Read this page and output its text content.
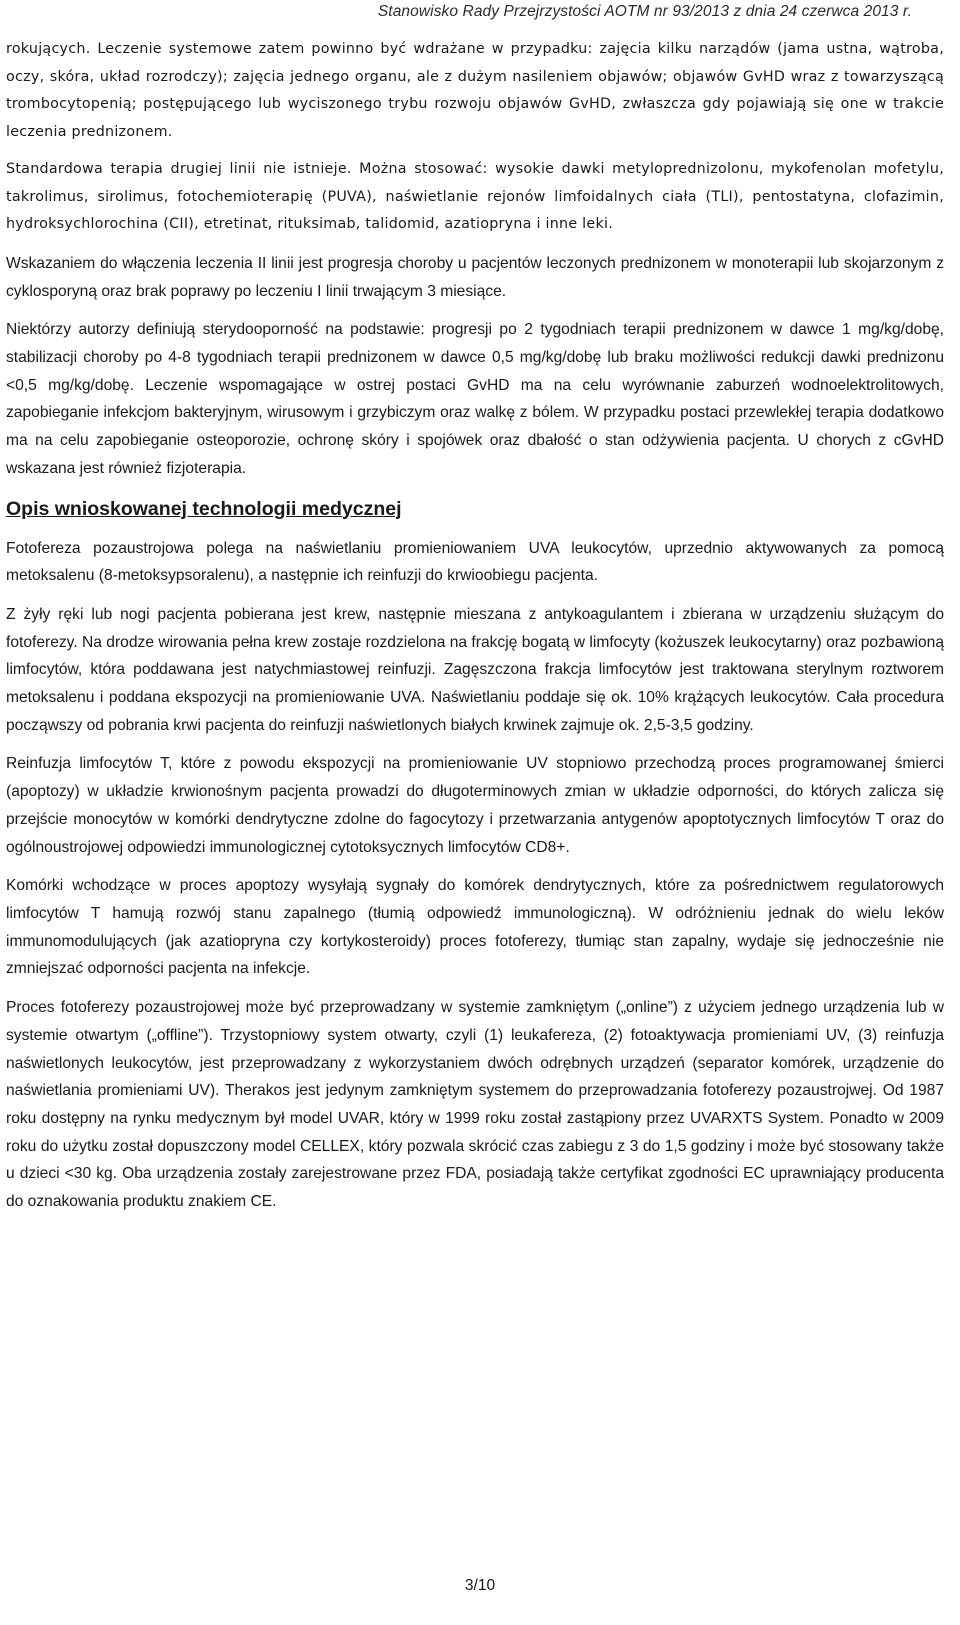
Stanowisko Rady Przejrzystości AOTM nr 93/2013 z dnia 24 czerwca 2013 r.

rokujących. Leczenie systemowe zatem powinno być wdrażane w przypadku: zajęcia kilku narządów (jama ustna, wątroba, oczy, skóra, układ rozrodczy); zajęcia jednego organu, ale z dużym nasileniem objawów; objawów GvHD wraz z towarzyszącą trombocytopenią; postępującego lub wyciszonego trybu rozwoju objawów GvHD, zwłaszcza gdy pojawiają się one w trakcie leczenia prednizonem.

Standardowa terapia drugiej linii nie istnieje. Można stosować: wysokie dawki metyloprednizolonu, mykofenolan mofetylu, takrolimus, sirolimus, fotochemioterapię (PUVA), naświetlanie rejonów limfoidalnych ciała (TLI), pentostatyna, clofazimin, hydroksychlorochina (CII), etretinat, rituksimab, talidomid, azatiopryna i inne leki.

Wskazaniem do włączenia leczenia II linii jest progresja choroby u pacjentów leczonych prednizonem w monoterapii lub skojarzonym z cyklosporyną oraz brak poprawy po leczeniu I linii trwającym 3 miesiące.

Niektórzy autorzy definiują sterydooporność na podstawie: progresji po 2 tygodniach terapii prednizonem w dawce 1 mg/kg/dobę, stabilizacji choroby po 4-8 tygodniach terapii prednizonem w dawce 0,5 mg/kg/dobę lub braku możliwości redukcji dawki prednizonu <0,5 mg/kg/dobę. Leczenie wspomagające w ostrej postaci GvHD ma na celu wyrównanie zaburzeń wodnoelektrolitowych, zapobieganie infekcjom bakteryjnym, wirusowym i grzybiczym oraz walkę z bólem. W przypadku postaci przewlekłej terapia dodatkowo ma na celu zapobieganie osteoporozie, ochronę skóry i spojówek oraz dbałość o stan odżywienia pacjenta. U chorych z cGvHD wskazana jest również fizjoterapia.

Opis wnioskowanej technologii medycznej

Fotofereza pozaustrojowa polega na naświetlaniu promieniowaniem UVA leukocytów, uprzednio aktywowanych za pomocą metoksalenu (8-metoksypsoralenu), a następnie ich reinfuzji do krwioobiegu pacjenta.

Z żyły ręki lub nogi pacjenta pobierana jest krew, następnie mieszana z antykoagulantem i zbierana w urządzeniu służącym do fotoferezy. Na drodze wirowania pełna krew zostaje rozdzielona na frakcję bogatą w limfocyty (kożuszek leukocytarny) oraz pozbawioną limfocytów, która poddawana jest natychmiastowej reinfuzji. Zagęszczona frakcja limfocytów jest traktowana sterylnym roztworem metoksalenu i poddana ekspozycji na promieniowanie UVA. Naświetlaniu poddaje się ok. 10% krążących leukocytów. Cała procedura począwszy od pobrania krwi pacjenta do reinfuzji naświetlonych białych krwinek zajmuje ok. 2,5-3,5 godziny.

Reinfuzja limfocytów T, które z powodu ekspozycji na promieniowanie UV stopniowo przechodzą proces programowanej śmierci (apoptozy) w układzie krwionośnym pacjenta prowadzi do długoterminowych zmian w układzie odporności, do których zalicza się przejście monocytów w komórki dendrytyczne zdolne do fagocytozy i przetwarzania antygenów apoptotycznych limfocytów T oraz do ogólnoustrojowej odpowiedzi immunologicznej cytotoksycznych limfocytów CD8+.

Komórki wchodzące w proces apoptozy wysyłają sygnały do komórek dendrytycznych, które za pośrednictwem regulatorowych limfocytów T hamują rozwój stanu zapalnego (tłumią odpowiedź immunologiczną). W odróżnieniu jednak do wielu leków immunomodulujących (jak azatiopryna czy kortykosteroidy) proces fotoferezy, tłumiąc stan zapalny, wydaje się jednocześnie nie zmniejszać odporności pacjenta na infekcje.

Proces fotoferezy pozaustrojowej może być przeprowadzany w systemie zamkniętym („online”) z użyciem jednego urządzenia lub w systemie otwartym („offline”). Trzystopniowy system otwarty, czyli (1) leukafereza, (2) fotoaktywacja promieniami UV, (3) reinfuzja naświetlonych leukocytów, jest przeprowadzany z wykorzystaniem dwóch odrębnych urządzeń (separator komórek, urządzenie do naświetlania promieniami UV). Therakos jest jedynym zamkniętym systemem do przeprowadzania fotoferezy pozaustrojwej. Od 1987 roku dostępny na rynku medycznym był model UVAR, który w 1999 roku został zastąpiony przez UVARXTS System. Ponadto w 2009 roku do użytku został dopuszczony model CELLEX, który pozwala skrócić czas zabiegu z 3 do 1,5 godziny i może być stosowany także u dzieci <30 kg. Oba urządzenia zostały zarejestrowane przez FDA, posiadają także certyfikat zgodności EC uprawniający producenta do oznakowania produktu znakiem CE.

3/10
